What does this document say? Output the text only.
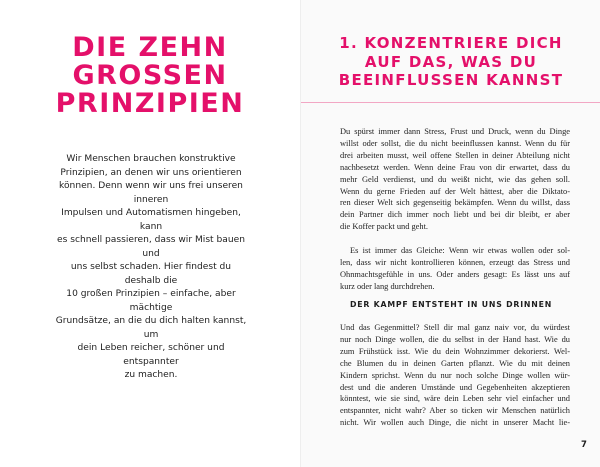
DIE ZEHN
GROSSEN
PRINZIPIEN

Wir Menschen brauchen konstruktive
Prinzipien, an denen wir uns orientieren
können. Denn wenn wir uns frei unseren inneren
Impulsen und Automatismen hingeben, kann
es schnell passieren, dass wir Mist bauen und
uns selbst schaden. Hier findest du deshalb die
10 großen Prinzipien – einfache, aber mächtige
Grundsätze, an die du dich halten kannst, um
dein Leben reicher, schöner und entspannter
zu machen.

1. KONZENTRIERE DICH
AUF DAS, WAS DU
BEEINFLUSSEN KANNST

Du spürst immer dann Stress, Frust und Druck, wenn du Dinge
willst oder sollst, die du nicht beeinflussen kannst. Wenn du für
drei arbeiten musst, weil offene Stellen in deiner Abteilung nicht
nachbesetzt werden. Wenn deine Frau von dir erwartet, dass du
mehr Geld verdienst, und du weißt nicht, wie das gehen soll.
Wenn du gerne Frieden auf der Welt hättest, aber die Diktato-
ren dieser Welt sich gegenseitig bekämpfen. Wenn du willst, dass
dein Partner dich immer noch liebt und bei dir bleibt, er aber
die Koffer packt und geht.

Es ist immer das Gleiche: Wenn wir etwas wollen oder sol-
len, dass wir nicht kontrollieren können, erzeugt das Stress und
Ohnmachtsgefühle in uns. Oder anders gesagt: Es lässt uns auf
kurz oder lang durchdrehen.

DER KAMPF ENTSTEHT IN UNS DRINNEN

Und das Gegenmittel? Stell dir mal ganz naiv vor, du würdest
nur noch Dinge wollen, die du selbst in der Hand hast. Wie du
zum Frühstück isst. Wie du dein Wohnzimmer dekorierst. Wel-
che Blumen du in deinen Garten pflanzt. Wie du mit deinen
Kindern sprichst. Wenn du nur noch solche Dinge wollen wür-
dest und die anderen Umstände und Gegebenheiten akzeptieren
könntest, wie sie sind, wäre dein Leben sehr viel einfacher und
entspannter, nicht wahr? Aber so ticken wir Menschen natürlich
nicht. Wir wollen auch Dinge, die nicht in unserer Macht lie-

7
